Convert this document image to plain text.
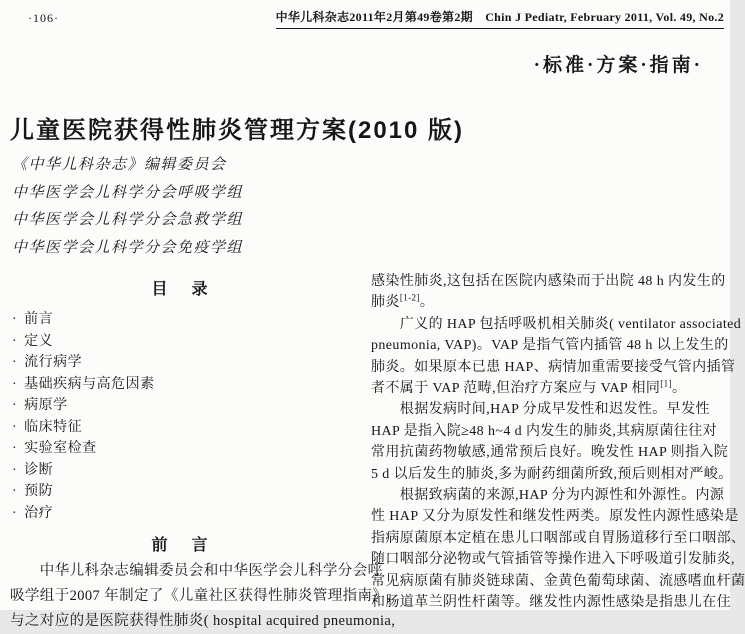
·106·	中华儿科杂志2011年2月第49卷第2期　Chin J Pediatr, February 2011, Vol. 49, No.2
·标准·方案·指南·
儿童医院获得性肺炎管理方案(2010 版)
《中华儿科杂志》编辑委员会
中华医学会儿科学分会呼吸学组
中华医学会儿科学分会急救学组
中华医学会儿科学分会免疫学组
目　录
· 前言
· 定义
· 流行病学
· 基础疾病与高危因素
· 病原学
· 临床特征
· 实验室检查
· 诊断
· 预防
· 治疗
前　言
　　中华儿科杂志编辑委员会和中华医学会儿科学分会呼
吸学组于2007 年制定了《儿童社区获得性肺炎管理指南》,
与之对应的是医院获得性肺炎( hospital acquired pneumonia,
感染性肺炎,这包括在医院内感染而于出院 48 h 内发生的
肺炎[1-2]。
　　广义的 HAP 包括呼吸机相关肺炎( ventilator associated
pneumonia, VAP)。VAP 是指气管内插管 48 h 以上发生的
肺炎。如果原本已患 HAP、病情加重需要接受气管内插管
者不属于 VAP 范畴,但治疗方案应与 VAP 相同[1]。
　　根据发病时间,HAP 分成早发性和迟发性。早发性
HAP 是指入院≥48 h~4 d 内发生的肺炎,其病原菌往往对
常用抗菌药物敏感,通常预后良好。晚发性 HAP 则指入院
5 d 以后发生的肺炎,多为耐药细菌所致,预后则相对严峻。
　　根据致病菌的来源,HAP 分为内源性和外源性。内源
性 HAP 又分为原发性和继发性两类。原发性内源性感染是
指病原菌原本定植在患儿口咽部或自胃肠道移行至口咽部、
随口咽部分泌物或气管插管等操作进入下呼吸道引发肺炎,
常见病原菌有肺炎链球菌、金黄色葡萄球菌、流感嗜血杆菌
和肠道革兰阴性杆菌等。继发性内源性感染是指患儿在住
